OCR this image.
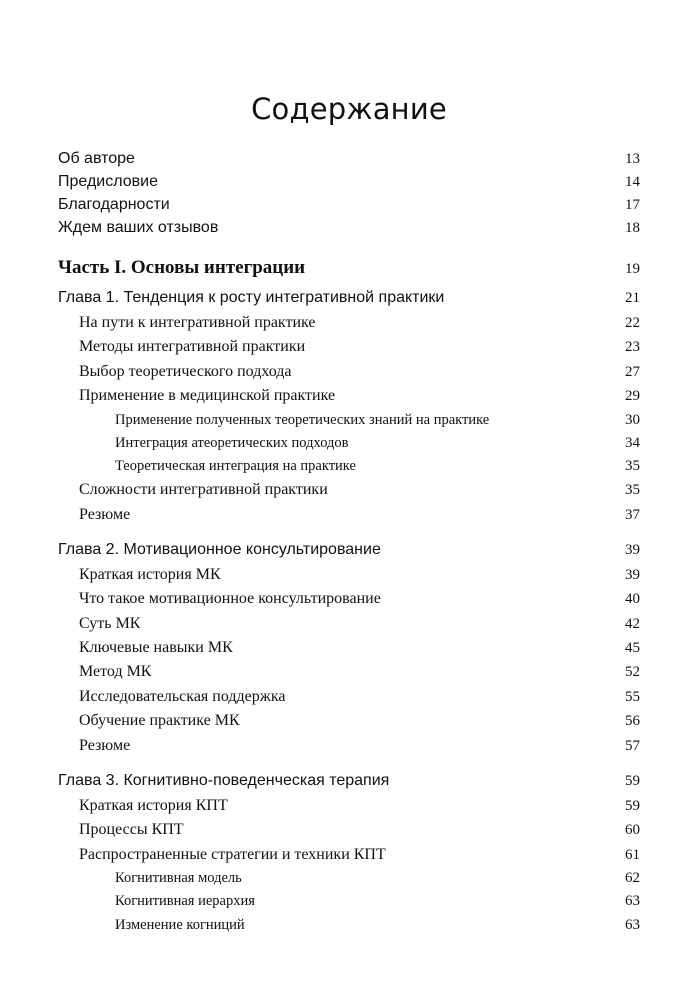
Содержание
Об авторе	13
Предисловие	14
Благодарности	17
Ждем ваших отзывов	18
Часть I. Основы интеграции	19
Глава 1. Тенденция к росту интегративной практики	21
На пути к интегративной практике	22
Методы интегративной практики	23
Выбор теоретического подхода	27
Применение в медицинской практике	29
Применение полученных теоретических знаний на практике	30
Интеграция атеоретических подходов	34
Теоретическая интеграция на практике	35
Сложности интегративной практики	35
Резюме	37
Глава 2. Мотивационное консультирование	39
Краткая история МК	39
Что такое мотивационное консультирование	40
Суть МК	42
Ключевые навыки МК	45
Метод МК	52
Исследовательская поддержка	55
Обучение практике МК	56
Резюме	57
Глава 3. Когнитивно-поведенческая терапия	59
Краткая история КПТ	59
Процессы КПТ	60
Распространенные стратегии и техники КПТ	61
Когнитивная модель	62
Когнитивная иерархия	63
Изменение когниций	63
